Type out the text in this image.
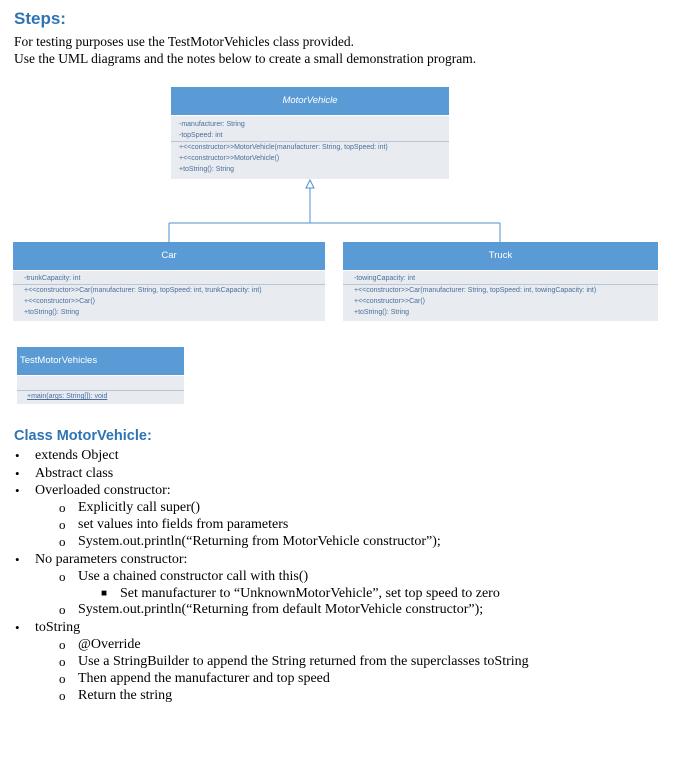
Steps:
For testing purposes use the TestMotorVehicles class provided.
Use the UML diagrams and the notes below to create a small demonstration program.
MotorVehicle
-manufacturer: String
-topSpeed: int
+<<constructor>>MotorVehicle(manufacturer: String, topSpeed: int)
+<<constructor>>MotorVehicle()
+toString(): String
Car
-trunkCapacity: int
+<<constructor>>Car(manufacturer: String, topSpeed: int, trunkCapacity: int)
+<<constructor>>Car()
+toString(): String
Truck
-towingCapacity: int
+<<constructor>>Car(manufacturer: String, topSpeed: int, towingCapacity: int)
+<<constructor>>Car()
+toString(): String
TestMotorVehicles
+main(args: String[]): void
Class MotorVehicle:
• extends Object
• Abstract class
• Overloaded constructor:
o Explicitly call super()
o set values into fields from parameters
o System.out.println(“Returning from MotorVehicle constructor”);
• No parameters constructor:
o Use a chained constructor call with this()
■ Set manufacturer to “UnknownMotorVehicle”, set top speed to zero
o System.out.println(“Returning from default MotorVehicle constructor”);
• toString
o @Override
o Use a StringBuilder to append the String returned from the superclasses toString
o Then append the manufacturer and top speed
o Return the string
